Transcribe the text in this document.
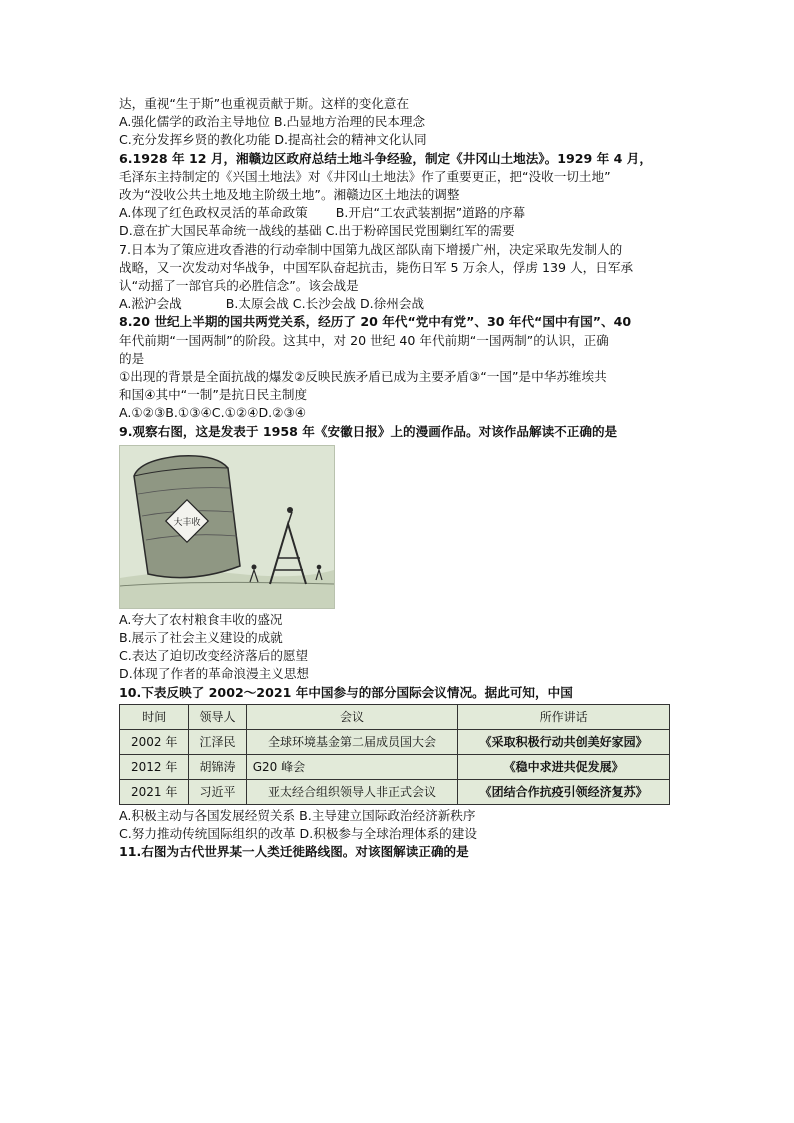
达，重视“生于斯”也重视贡献于斯。这样的变化意在
A.强化儒学的政治主导地位 B.凸显地方治理的民本理念
C.充分发挥乡贤的教化功能 D.提高社会的精神文化认同
6.1928 年 12 月，湘赣边区政府总结土地斗争经验，制定《井冈山土地法》。1929 年 4 月，
毛泽东主持制定的《兴国土地法》对《井冈山土地法》作了重要更正，把“没收一切土地”
改为“没收公共土地及地主阶级土地”。湘赣边区土地法的调整
A.体现了红色政权灵活的革命政策 B.开启“工农武装割据”道路的序幕
D.意在扩大国民革命统一战线的基础 C.出于粉碎国民党围剿红军的需要
7.日本为了策应进攻香港的行动牵制中国第九战区部队南下增援广州，决定采取先发制人的
战略，又一次发动对华战争，中国军队奋起抗击，毙伤日军 5 万余人，俘虏 139 人，日军承
认“动摇了一部官兵的必胜信念”。该会战是
A.淞沪会战	B.太原会战 C.长沙会战 D.徐州会战
8.20 世纪上半期的国共两党关系，经历了 20 年代“党中有党”、30 年代“国中有国”、40
年代前期“一国两制”的阶段。这其中，对 20 世纪 40 年代前期“一国两制”的认识，正确
的是
①出现的背景是全面抗战的爆发②反映民族矛盾已成为主要矛盾③“一国”是中华苏维埃共
和国④其中“一制”是抗日民主制度
A.①②③B.①③④C.①②④D.②③④
9.观察右图，这是发表于 1958 年《安徽日报》上的漫画作品。对该作品解读不正确的是
大丰收
A.夸大了农村粮食丰收的盛况
B.展示了社会主义建设的成就
C.表达了迫切改变经济落后的愿望
D.体现了作者的革命浪漫主义思想
10.下表反映了 2002～2021 年中国参与的部分国际会议情况。据此可知，中国
时间	领导人	会议	所作讲话
2002 年	江泽民	全球环境基金第二届成员国大会	《采取积极行动共创美好家园》
2012 年	胡锦涛	G20 峰会	《稳中求进共促发展》
2021 年	习近平	亚太经合组织领导人非正式会议	《团结合作抗疫引领经济复苏》
A.积极主动与各国发展经贸关系 B.主导建立国际政治经济新秩序
C.努力推动传统国际组织的改革 D.积极参与全球治理体系的建设
11.右图为古代世界某一人类迁徙路线图。对该图解读正确的是
